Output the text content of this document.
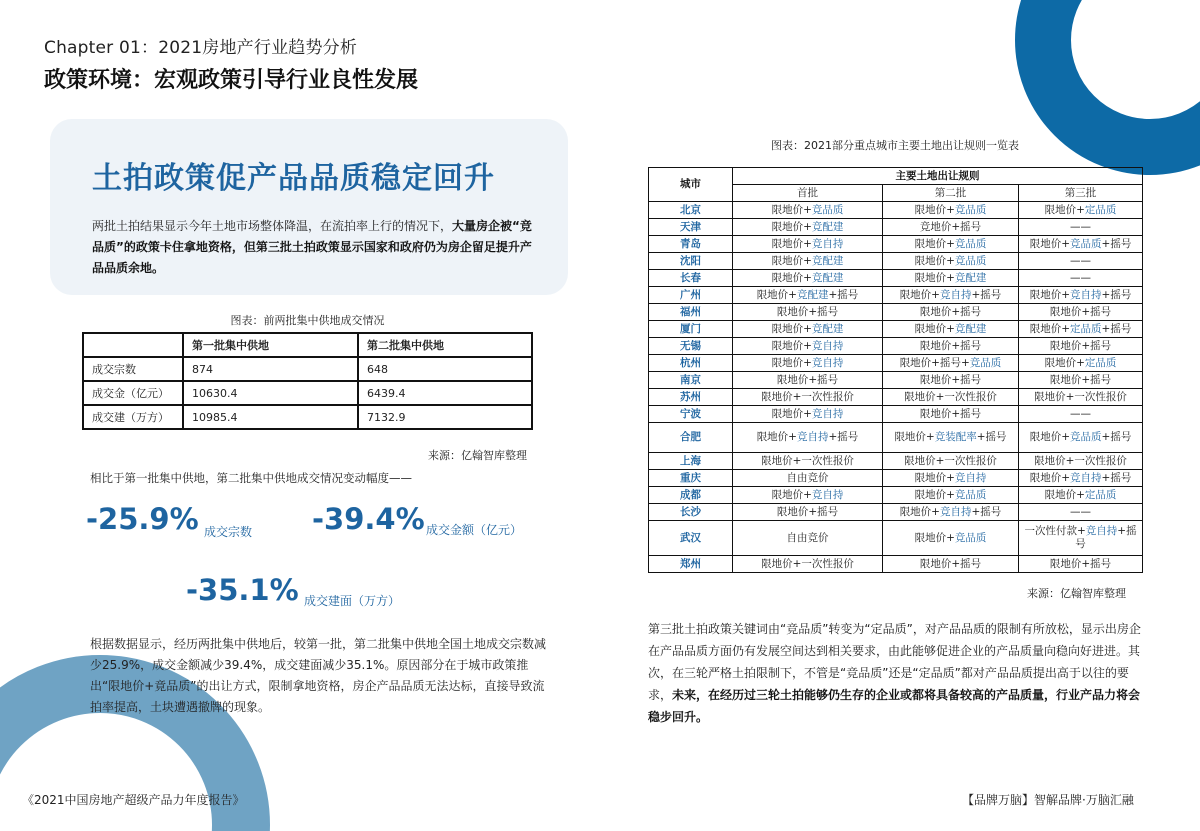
Chapter 01：2021房地产行业趋势分析
政策环境：宏观政策引导行业良性发展
土拍政策促产品品质稳定回升
两批土拍结果显示今年土地市场整体降温，在流拍率上行的情况下，大量房企被“竞品质”的政策卡住拿地资格，但第三批土拍政策显示国家和政府仍为房企留足提升产品品质余地。
图表：前两批集中供地成交情况
	第一批集中供地	第二批集中供地
成交宗数	874	648
成交金（亿元）	10630.4	6439.4
成交建（万方）	10985.4	7132.9
来源：亿翰智库整理
相比于第一批集中供地，第二批集中供地成交情况变动幅度——
-25.9% 成交宗数 -39.4% 成交金额（亿元）
-35.1% 成交建面（万方）
根据数据显示，经历两批集中供地后，较第一批，第二批集中供地全国土地成交宗数减少25.9%，成交金额减少39.4%，成交建面减少35.1%。原因部分在于城市政策推出“限地价+竟品质”的出让方式，限制拿地资格，房企产品品质无法达标，直接导致流拍率提高，土块遭遇撤牌的现象。
图表：2021部分重点城市主要土地出让规则一览表
城市	主要土地出让规则		
	首批	第二批	第三批
北京	限地价+竞品质	限地价+竞品质	限地价+定品质
天津	限地价+竞配建	竞地价+摇号	——
青岛	限地价+竞自持	限地价+竞品质	限地价+竞品质+摇号
沈阳	限地价+竞配建	限地价+竞品质	——
长春	限地价+竞配建	限地价+竞配建	——
广州	限地价+竞配建+摇号	限地价+竞自持+摇号	限地价+竞自持+摇号
福州	限地价+摇号	限地价+摇号	限地价+摇号
厦门	限地价+竞配建	限地价+竞配建	限地价+定品质+摇号
无锡	限地价+竞自持	限地价+摇号	限地价+摇号
杭州	限地价+竞自持	限地价+摇号+竞品质	限地价+定品质
南京	限地价+摇号	限地价+摇号	限地价+摇号
苏州	限地价+一次性报价	限地价+一次性报价	限地价+一次性报价
宁波	限地价+竞自持	限地价+摇号	——
合肥	限地价+竞自持+摇号	限地价+竞装配率+摇号	限地价+竞品质+摇号
上海	限地价+一次性报价	限地价+一次性报价	限地价+一次性报价
重庆	自由竞价	限地价+竞自持	限地价+竞自持+摇号
成都	限地价+竞自持	限地价+竞品质	限地价+定品质
长沙	限地价+摇号	限地价+竞自持+摇号	——
武汉	自由竞价	限地价+竞品质	一次性付款+竞自持+摇号
郑州	限地价+一次性报价	限地价+摇号	限地价+摇号
来源：亿翰智库整理
第三批土拍政策关键词由“竞品质”转变为“定品质”，对产品品质的限制有所放松，显示出房企在产品品质方面仍有发展空间达到相关要求，由此能够促进企业的产品质量向稳向好进进。其次，在三轮严格土拍限制下，不管是“竞品质”还是“定品质”都对产品品质提出高于以往的要求，未来，在经历过三轮土拍能够仍生存的企业或都将具备较高的产品质量，行业产品力将会稳步回升。
《2021中国房地产超级产品力年度报告》	【品牌万脑】智解品牌·万脑汇融
